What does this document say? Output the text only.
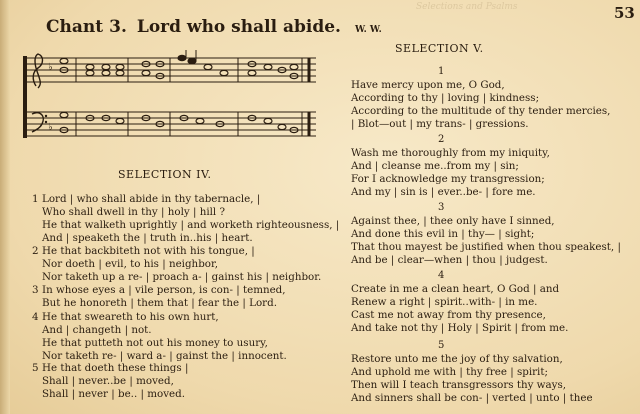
Selections and Psalms	53
Chant 3. Lord who shall abide. W. W.
♭
♭
SELECTION IV.
1 Lord | who shall abide in thy tabernacle, |
Who shall dwell in thy | holy | hill ?
He that walketh uprightly | and worketh righteousness, |
And | speaketh the | truth in..his | heart.
2 He that backbiteth not with his tongue, |
Nor doeth | evil, to his | neighbor,
Nor taketh up a re- | proach a- | gainst his | neighbor.
3 In whose eyes a | vile person, is con- | temned,
But he honoreth | them that | fear the | Lord.
4 He that sweareth to his own hurt,
And | changeth | not.
He that putteth not out his money to usury,
Nor taketh re- | ward a- | gainst the | innocent.
5 He that doeth these things |
Shall | never..be | moved,
Shall | never | be.. | moved.
SELECTION V.
1
Have mercy upon me, O God,
According to thy | loving | kindness;
According to the multitude of thy tender mercies,
| Blot—out | my trans- | gressions.
2
Wash me thoroughly from my iniquity,
And | cleanse me..from my | sin;
For I acknowledge my transgression;
And my | sin is | ever..be- | fore me.
3
Against thee, | thee only have I sinned,
And done this evil in | thy— | sight;
That thou mayest be justified when thou speakest, |
And be | clear—when | thou | judgest.
4
Create in me a clean heart, O God | and
Renew a right | spirit..with- | in me.
Cast me not away from thy presence,
And take not thy | Holy | Spirit | from me.
5
Restore unto me the joy of thy salvation,
And uphold me with | thy free | spirit;
Then will I teach transgressors thy ways,
And sinners shall be con- | verted | unto | thee
